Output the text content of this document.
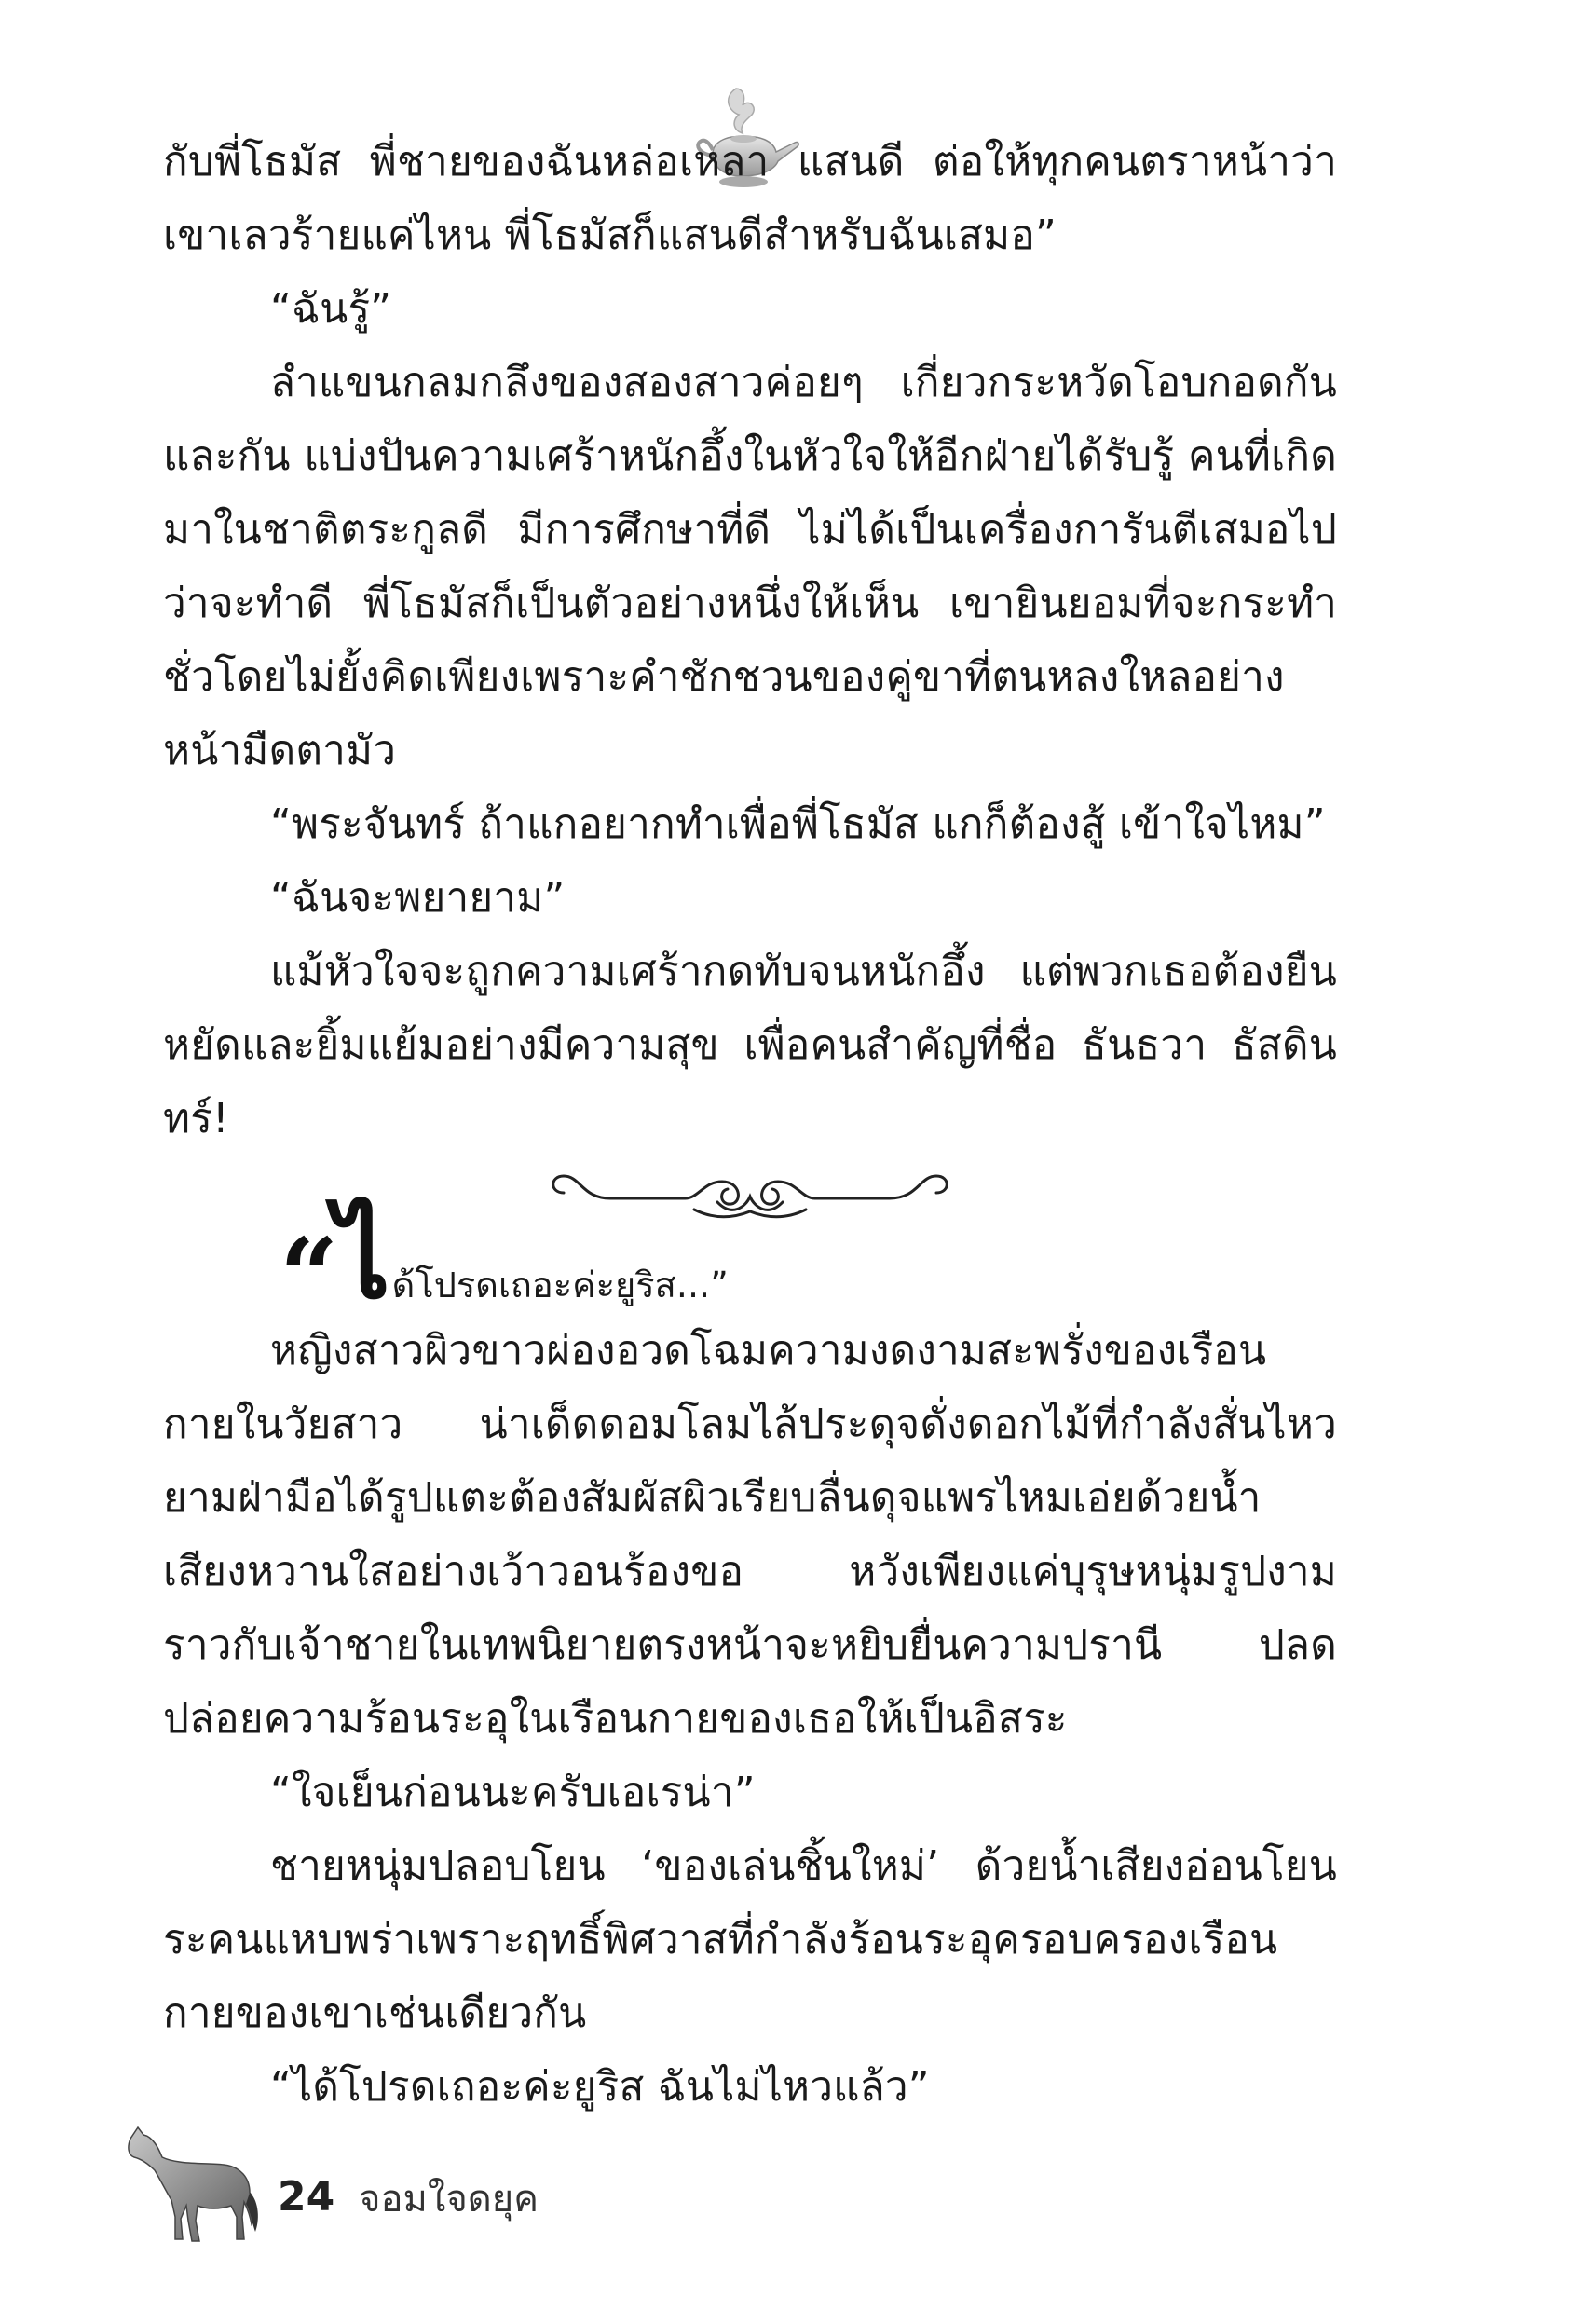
กับพี่โธมัส พี่ชายของฉันหล่อเหลา แสนดี ต่อให้ทุกคนตราหน้าว่า เขาเลวร้ายแค่ไหน พี่โธมัสก็แสนดีสำหรับฉันเสมอ”

“ฉันรู้”

ลำแขนกลมกลึงของสองสาวค่อยๆ เกี่ยวกระหวัดโอบกอดกันและกัน แบ่งปันความเศร้าหนักอึ้งในหัวใจให้อีกฝ่ายได้รับรู้ คนที่เกิดมาในชาติตระกูลดี มีการศึกษาที่ดี ไม่ได้เป็นเครื่องการันตีเสมอไปว่าจะทำดี พี่โธมัสก็เป็นตัวอย่างหนึ่งให้เห็น เขายินยอมที่จะกระทำชั่วโดยไม่ยั้งคิดเพียงเพราะคำชักชวนของคู่ขาที่ตนหลงใหลอย่างหน้ามืดตามัว

“พระจันทร์ ถ้าแกอยากทำเพื่อพี่โธมัส แกก็ต้องสู้ เข้าใจไหม”

“ฉันจะพยายาม”

แม้หัวใจจะถูกความเศร้ากดทับจนหนักอึ้ง แต่พวกเธอต้องยืนหยัดและยิ้มแย้มอย่างมีความสุข เพื่อคนสำคัญที่ชื่อ ธันธวา ธัสดินทร์!

“
ไ ด้โปรดเถอะค่ะยูริส...”

หญิงสาวผิวขาวผ่องอวดโฉมความงดงามสะพรั่งของเรือนกายในวัยสาว น่าเด็ดดอมโลมไล้ประดุจดั่งดอกไม้ที่กำลังสั่นไหวยามฝ่ามือได้รูปแตะต้องสัมผัสผิวเรียบลื่นดุจแพรไหมเอ่ยด้วยน้ำเสียงหวานใสอย่างเว้าวอนร้องขอ หวังเพียงแค่บุรุษหนุ่มรูปงามราวกับเจ้าชายในเทพนิยายตรงหน้าจะหยิบยื่นความปรานี ปลดปล่อยความร้อนระอุในเรือนกายของเธอให้เป็นอิสระ

“ใจเย็นก่อนนะครับเอเรน่า”

ชายหนุ่มปลอบโยน ‘ของเล่นชิ้นใหม่’ ด้วยน้ำเสียงอ่อนโยนระคนแหบพร่าเพราะฤทธิ์พิศวาสที่กำลังร้อนระอุครอบครองเรือนกายของเขาเช่นเดียวกัน

“ได้โปรดเถอะค่ะยูริส ฉันไม่ไหวแล้ว”

24 จอมใจดยุค
